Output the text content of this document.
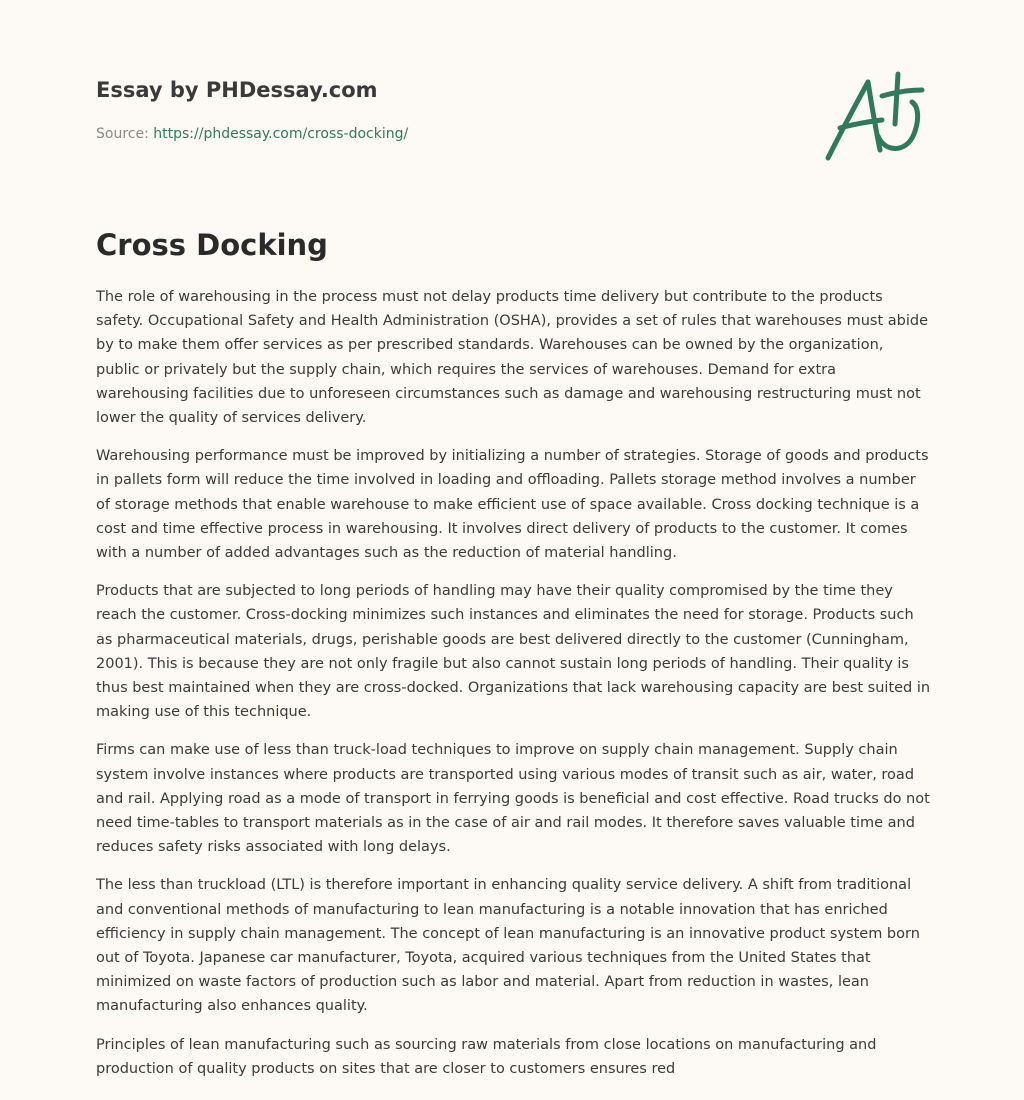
Essay by PHDessay.com
Source: https://phdessay.com/cross-docking/
Cross Docking

The role of warehousing in the process must not delay products time delivery but contribute to the products safety. Occupational Safety and Health Administration (OSHA), provides a set of rules that warehouses must abide by to make them offer services as per prescribed standards. Warehouses can be owned by the organization, public or privately but the supply chain, which requires the services of warehouses. Demand for extra warehousing facilities due to unforeseen circumstances such as damage and warehousing restructuring must not lower the quality of services delivery.

Warehousing performance must be improved by initializing a number of strategies. Storage of goods and products in pallets form will reduce the time involved in loading and offloading. Pallets storage method involves a number of storage methods that enable warehouse to make efficient use of space available. Cross docking technique is a cost and time effective process in warehousing. It involves direct delivery of products to the customer. It comes with a number of added advantages such as the reduction of material handling.

Products that are subjected to long periods of handling may have their quality compromised by the time they reach the customer. Cross-docking minimizes such instances and eliminates the need for storage. Products such as pharmaceutical materials, drugs, perishable goods are best delivered directly to the customer (Cunningham, 2001). This is because they are not only fragile but also cannot sustain long periods of handling. Their quality is thus best maintained when they are cross-docked. Organizations that lack warehousing capacity are best suited in making use of this technique.

Firms can make use of less than truck-load techniques to improve on supply chain management. Supply chain system involve instances where products are transported using various modes of transit such as air, water, road and rail. Applying road as a mode of transport in ferrying goods is beneficial and cost effective. Road trucks do not need time-tables to transport materials as in the case of air and rail modes. It therefore saves valuable time and reduces safety risks associated with long delays.

The less than truckload (LTL) is therefore important in enhancing quality service delivery. A shift from traditional and conventional methods of manufacturing to lean manufacturing is a notable innovation that has enriched efficiency in supply chain management. The concept of lean manufacturing is an innovative product system born out of Toyota. Japanese car manufacturer, Toyota, acquired various techniques from the United States that minimized on waste factors of production such as labor and material. Apart from reduction in wastes, lean manufacturing also enhances quality.

Principles of lean manufacturing such as sourcing raw materials from close locations on manufacturing and production of quality products on sites that are closer to customers ensures red
